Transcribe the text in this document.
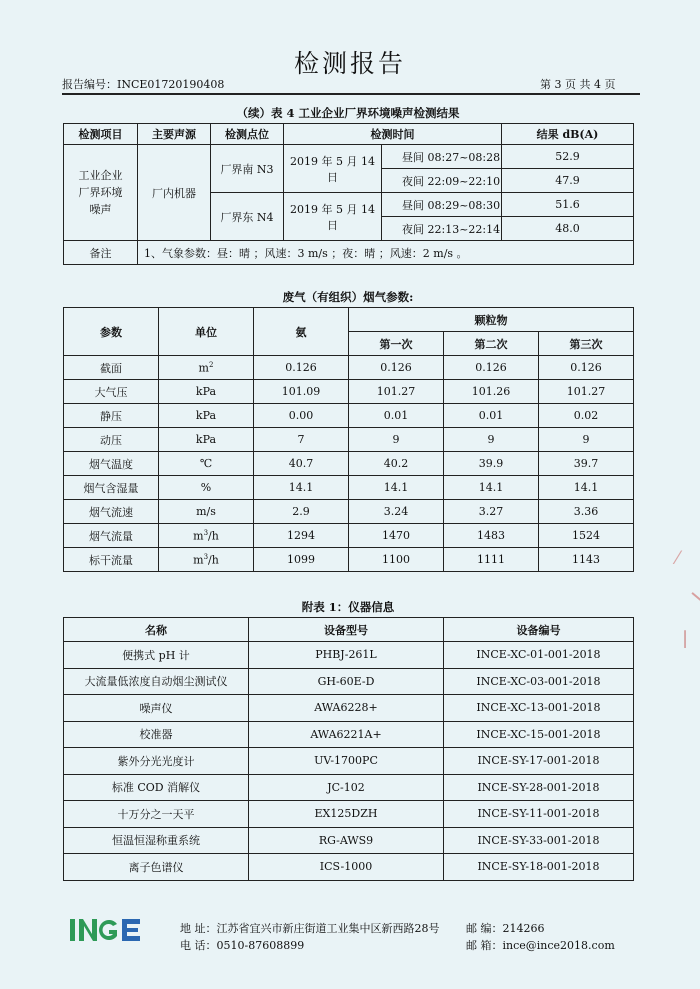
检测报告
报告编号：INCE01720190408	第 3 页 共 4 页
（续）表 4 工业企业厂界环境噪声检测结果
检测项目	主要声源	检测点位	检测时间		结果 dB(A)

工业企业厂界环境噪声	厂内机器	厂界南 N3	2019 年 5 月 14 日	昼间 08:27~08:28	52.9
				夜间 22:09~22:10	47.9
		厂界东 N4	2019 年 5 月 14 日	昼间 08:29~08:30	51.6
				夜间 22:13~22:14	48.0
备注	1、气象参数：昼：晴 ；风速：3 m/s ；夜：晴 ；风速：2 m/s 。				
废气（有组织）烟气参数:
参数	单位	氨	颗粒物		
			第一次	第二次	第三次
截面	$m^2$	0.126	0.126	0.126	0.126
大气压	kPa	101.09	101.27	101.26	101.27
静压	kPa	0.00	0.01	0.01	0.02
动压	kPa	7	9	9	9
烟气温度	℃	40.7	40.2	39.9	39.7
烟气含湿量	%	14.1	14.1	14.1	14.1
烟气流速	m/s	2.9	3.24	3.27	3.36
烟气流量	$m^3/h$	1294	1470	1483	1524
标干流量	$m^3/h$	1099	1100	1111	1143
附表 1：仪器信息
名称	设备型号	设备编号
便携式 pH 计	PHBJ-261L	INCE-XC-01-001-2018
大流量低浓度自动烟尘测试仪	GH-60E-D	INCE-XC-03-001-2018
噪声仪	AWA6228+	INCE-XC-13-001-2018
校准器	AWA6221A+	INCE-XC-15-001-2018
紫外分光光度计	UV-1700PC	INCE-SY-17-001-2018
标准 COD 消解仪	JC-102	INCE-SY-28-001-2018
十万分之一天平	EX125DZH	INCE-SY-11-001-2018
恒温恒湿称重系统	RG-AWS9	INCE-SY-33-001-2018
离子色谱仪	ICS-1000	INCE-SY-18-001-2018
地 址：江苏省宜兴市新庄街道工业集中区新西路28号 邮 编：214266
电 话：0510-87608899	邮 箱：ince@ince2018.com
⁄
|
